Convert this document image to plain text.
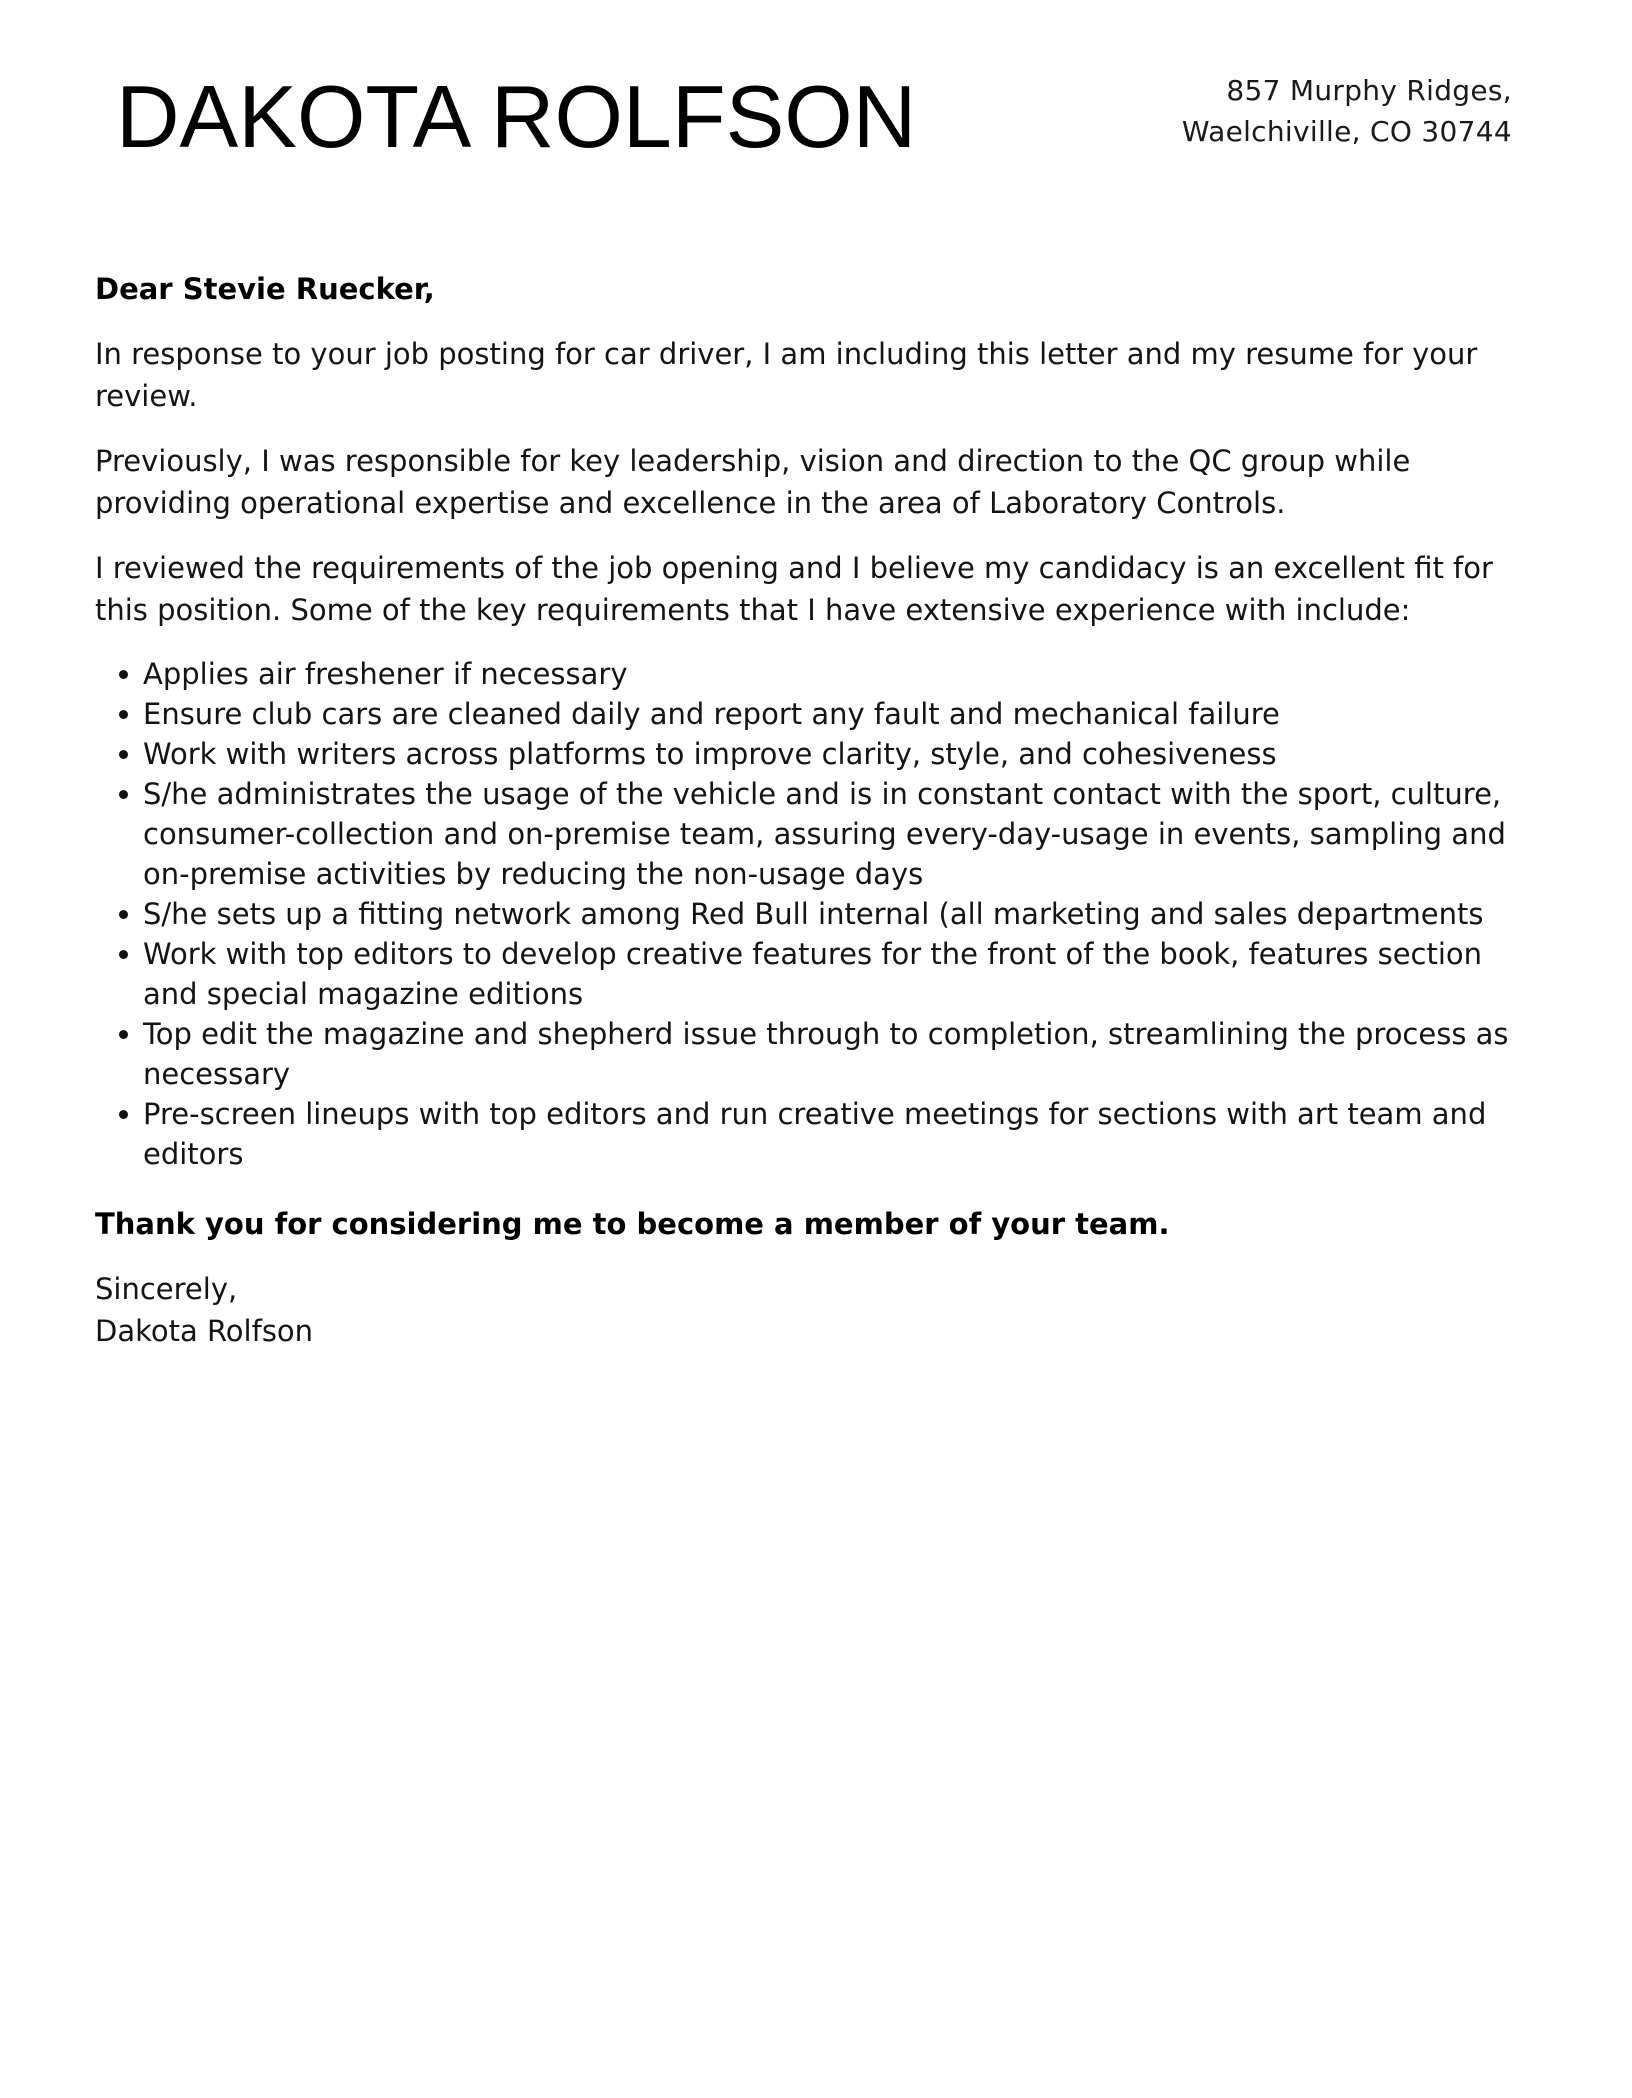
DAKOTA ROLFSON	857 Murphy Ridges,
Waelchiville, CO 30744

Dear Stevie Ruecker,

In response to your job posting for car driver, I am including this letter and my resume for your review.

Previously, I was responsible for key leadership, vision and direction to the QC group while providing operational expertise and excellence in the area of Laboratory Controls.

I reviewed the requirements of the job opening and I believe my candidacy is an excellent fit for this position. Some of the key requirements that I have extensive experience with include:

Applies air freshener if necessary
Ensure club cars are cleaned daily and report any fault and mechanical failure
Work with writers across platforms to improve clarity, style, and cohesiveness
S/he administrates the usage of the vehicle and is in constant contact with the sport, culture, consumer-collection and on-premise team, assuring every-day-usage in events, sampling and on-premise activities by reducing the non-usage days
S/he sets up a fitting network among Red Bull internal (all marketing and sales departments
Work with top editors to develop creative features for the front of the book, features section and special magazine editions
Top edit the magazine and shepherd issue through to completion, streamlining the process as necessary
Pre-screen lineups with top editors and run creative meetings for sections with art team and editors

Thank you for considering me to become a member of your team.

Sincerely,
Dakota Rolfson
